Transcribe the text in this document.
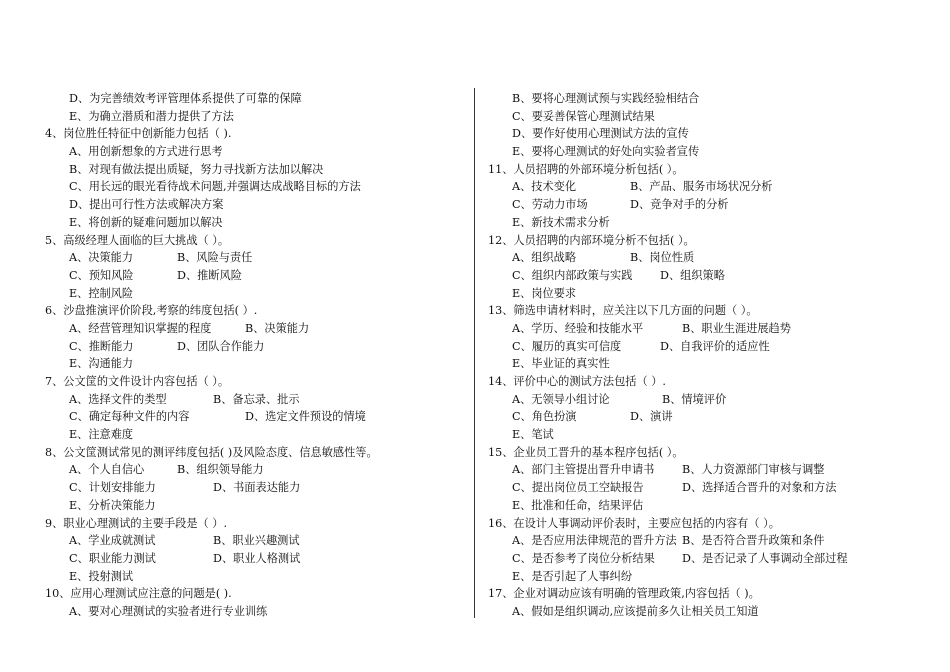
D、为完善绩效考评管理体系提供了可靠的保障
E、为确立潜质和潜力提供了方法
4、岗位胜任特征中创新能力包括（ ).
A、用创新想象的方式进行思考
B、对现有做法提出质疑，努力寻找新方法加以解决
C、用长远的眼光看待战术问题,并强调达成战略目标的方法
D、提出可行性方法或解决方案
E、将创新的疑难问题加以解决
5、高级经理人面临的巨大挑战（ ）。
A、决策能力	B、风险与责任
C、预知风险	D、推断风险
E、控制风险
6、沙盘推演评价阶段,考察的纬度包括( ）.
A、经营管理知识掌握的程度	B、决策能力
C、推断能力	D、团队合作能力
E、沟通能力
7、公文筐的文件设计内容包括（ ）。
A、选择文件的类型	B、备忘录、批示
C、确定每种文件的内容	D、选定文件预设的情境
E、注意难度
8、公文筐测试常见的测评纬度包括( )及风险态度、信息敏感性等。
A、个人自信心	B、组织领导能力
C、计划安排能力	D、书面表达能力
E、分析决策能力
9、职业心理测试的主要手段是（ ）.
A、学业成就测试	B、职业兴趣测试
C、职业能力测试	D、职业人格测试
E、投射测试
10、应用心理测试应注意的问题是( ).
A、要对心理测试的实验者进行专业训练
B、要将心理测试预与实践经验相结合
C、要妥善保管心理测试结果
D、要作好使用心理测试方法的宣传
E、要将心理测试的好处向实验者宣传
11、人员招聘的外部环境分析包括( ）。
A、技术变化	B、产品、服务市场状况分析
C、劳动力市场	D、竞争对手的分析
E、新技术需求分析
12、人员招聘的内部环境分析不包括( ）。
A、组织战略	B、岗位性质
C、组织内部政策与实践 D、组织策略
E、岗位要求
13、筛选申请材料时，应关注以下几方面的问题（ ）。
A、学历、经验和技能水平	B、职业生涯进展趋势
C、履历的真实可信度	D、自我评价的适应性
E、毕业证的真实性
14、评价中心的测试方法包括（ ）.
A、无领导小组讨论	B、情境评价
C、角色扮演	D、演讲
E、笔试
15、企业员工晋升的基本程序包括( ）。
A、部门主管提出晋升申请书 B、人力资源部门审核与调整
C、提出岗位员工空缺报告	D、选择适合晋升的对象和方法
E、批准和任命，结果评估
16、在设计人事调动评价表时，主要应包括的内容有（ ）。
A、是否应用法律规范的晋升方法 B、是否符合晋升政策和条件
C、是否参考了岗位分析结果 D、是否记录了人事调动全部过程
E、是否引起了人事纠纷
17、企业对调动应该有明确的管理政策,内容包括（ )。
A、假如是组织调动,应该提前多久让相关员工知道
